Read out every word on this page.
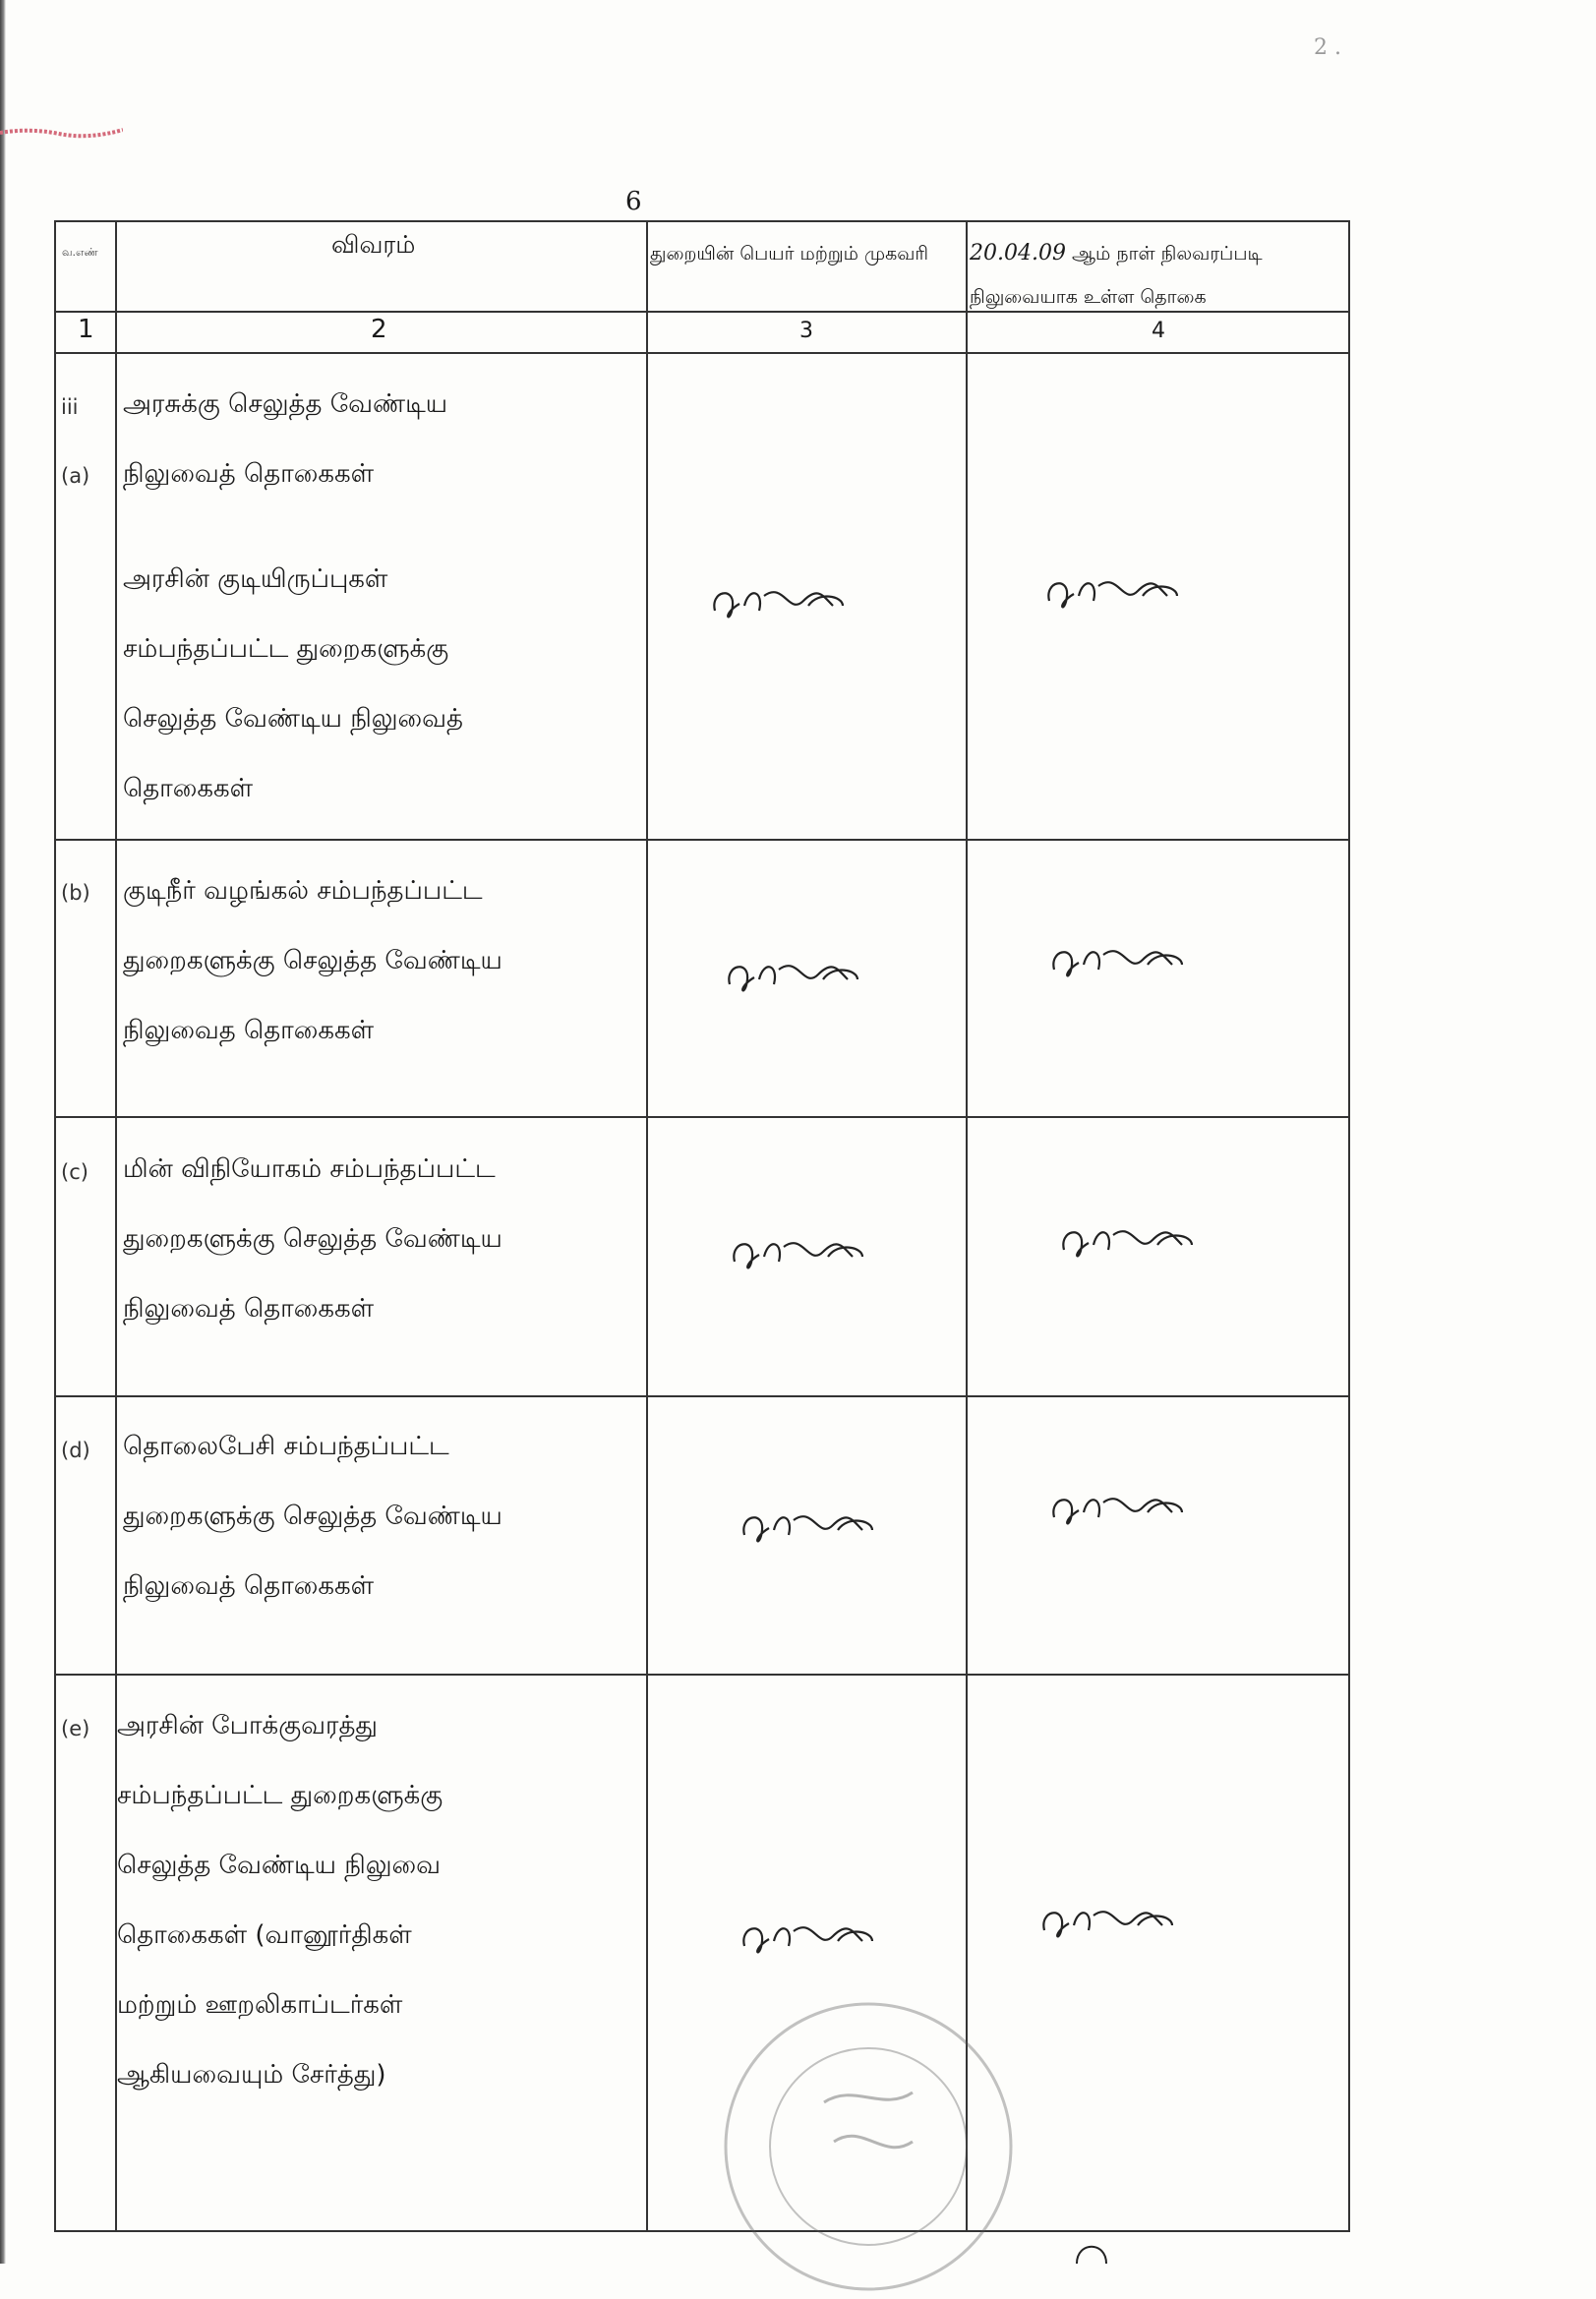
2 .
6
வ.எண்	விவரம்	துறையின் பெயர் மற்றும் முகவரி	20.04.09 ஆம் நாள் நிலவரப்படி நிலுவையாக உள்ள தொகை
1	2	3	4
iii
(a)
அரசுக்கு செலுத்த வேண்டிய
நிலுவைத் தொகைகள்
அரசின் குடியிருப்புகள்
சம்பந்தப்பட்ட துறைகளுக்கு
செலுத்த வேண்டிய நிலுவைத்
தொகைகள்
(b) குடிநீர் வழங்கல் சம்பந்தப்பட்ட
துறைகளுக்கு செலுத்த வேண்டிய
நிலுவைத தொகைகள்
(c) மின் விநியோகம் சம்பந்தப்பட்ட
துறைகளுக்கு செலுத்த வேண்டிய
நிலுவைத் தொகைகள்
(d) தொலைபேசி சம்பந்தப்பட்ட
துறைகளுக்கு செலுத்த வேண்டிய
நிலுவைத் தொகைகள்
(e) அரசின் போக்குவரத்து
சம்பந்தப்பட்ட துறைகளுக்கு
செலுத்த வேண்டிய நிலுவை
தொகைகள் (வானூர்திகள்
மற்றும் ஊறலிகாப்டர்கள்
ஆகியவையும் சேர்த்து)
